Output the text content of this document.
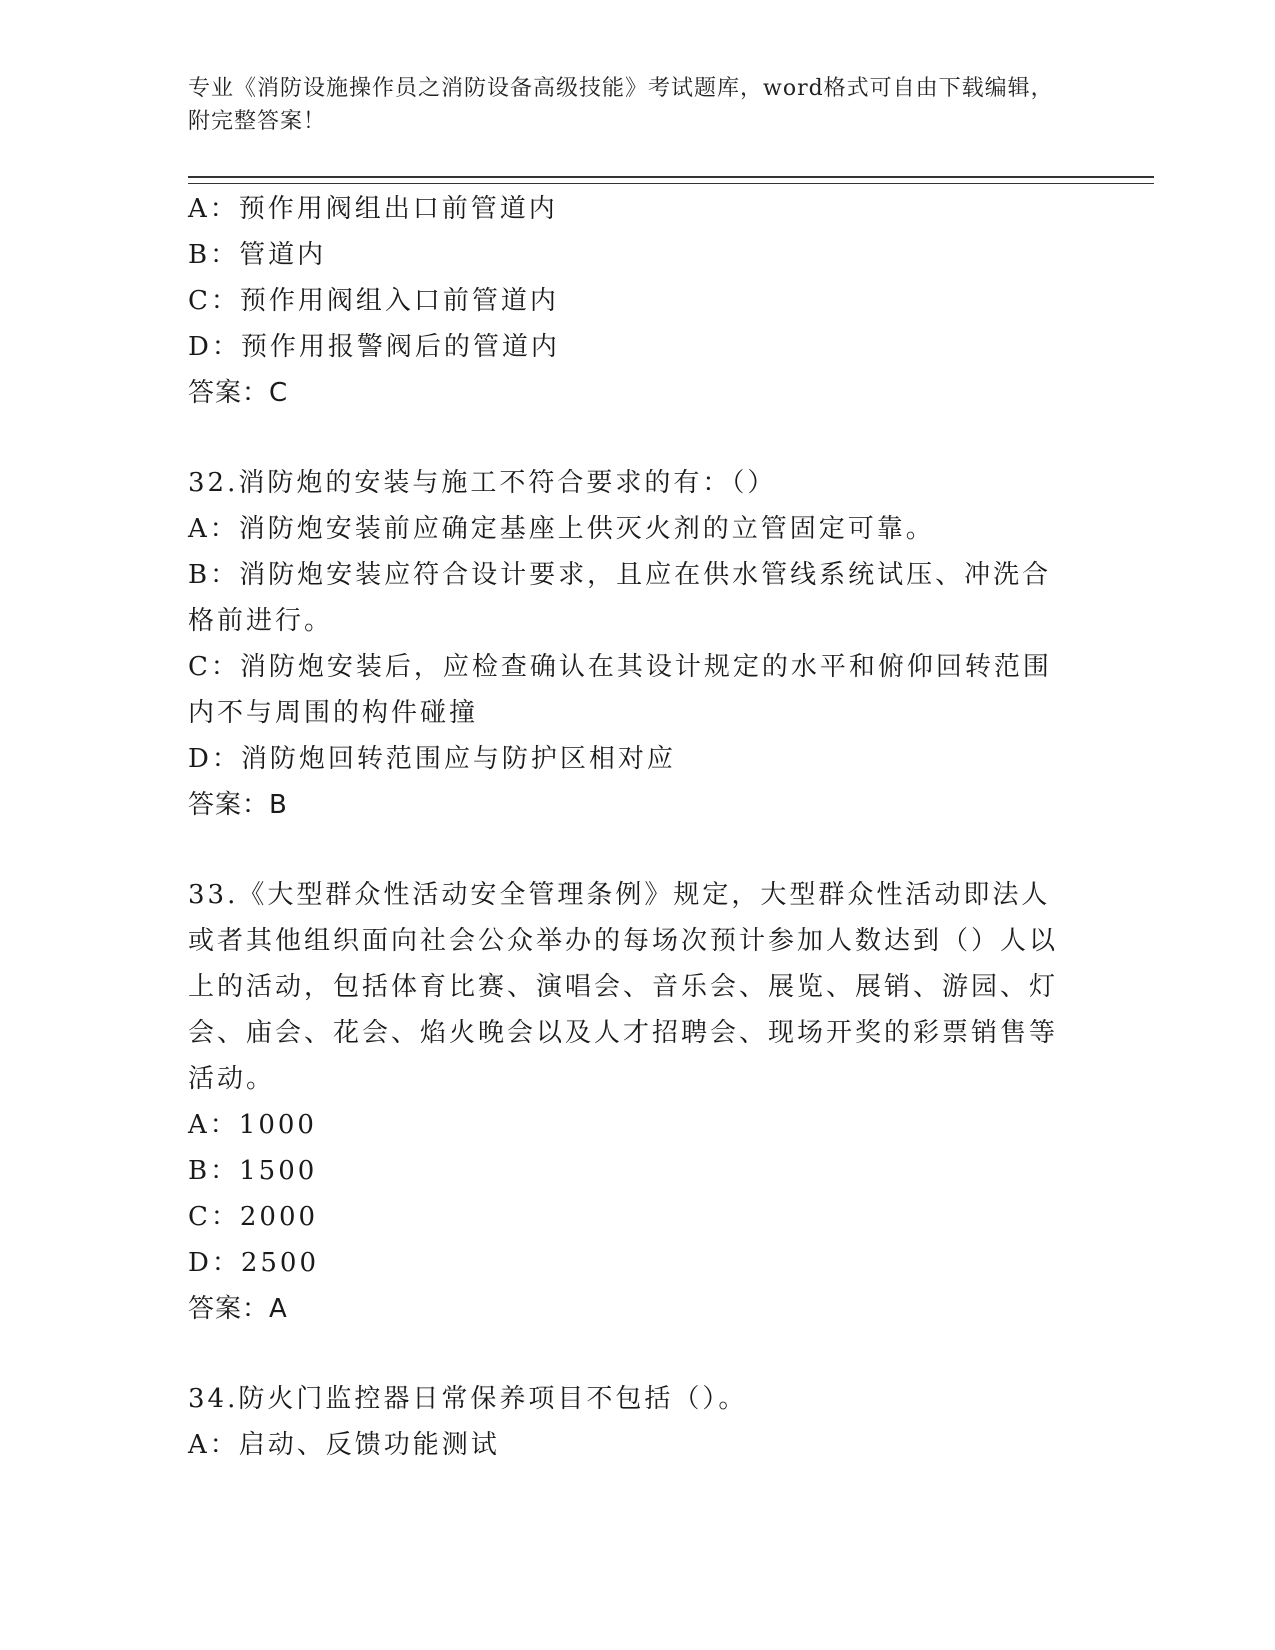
专业《消防设施操作员之消防设备高级技能》考试题库，word格式可自由下载编辑，附完整答案！
A：预作用阀组出口前管道内
B：管道内
C：预作用阀组入口前管道内
D：预作用报警阀后的管道内
答案：C
32.消防炮的安装与施工不符合要求的有：（）
A：消防炮安装前应确定基座上供灭火剂的立管固定可靠。
B：消防炮安装应符合设计要求，且应在供水管线系统试压、冲洗合格前进行。
C：消防炮安装后，应检查确认在其设计规定的水平和俯仰回转范围内不与周围的构件碰撞
D：消防炮回转范围应与防护区相对应
答案：B
33.《大型群众性活动安全管理条例》规定，大型群众性活动即法人或者其他组织面向社会公众举办的每场次预计参加人数达到（）人以上的活动，包括体育比赛、演唱会、音乐会、展览、展销、游园、灯会、庙会、花会、焰火晚会以及人才招聘会、现场开奖的彩票销售等活动。
A：1000
B：1500
C：2000
D：2500
答案：A
34.防火门监控器日常保养项目不包括（）。
A：启动、反馈功能测试
